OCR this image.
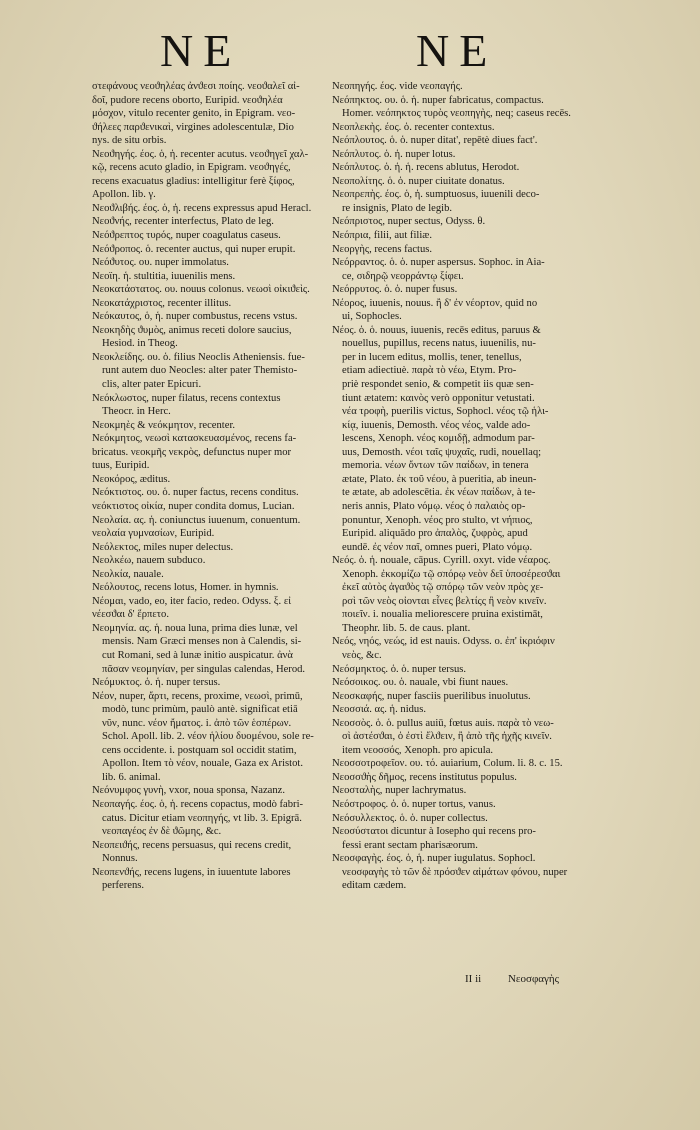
NE	NE
στεφάνους νεοϑηλέας ἀνϑεσι ποίης. νεοϑαλεῖ αἰ-
δοῖ, pudore recens oborto, Euripid. νεοϑηλέα
μόσχον, vitulo recenter genito, in Epigram. νεο-
ϑήλεες παρϑενικαὶ, virgines adolescentulæ, Dio
nys. de situ orbis.
Νεοϑηγής. έος. ὁ, ἡ. recenter acutus. νεοϑηγεῖ χαλ-
κῷ, recens acuto gladio, in Epigram. νεοϑηγές,
recens exacuatus gladius: intelligitur ferè ξίφος,
Apollon. lib. γ.
Νεοϑλιβής. έος. ὁ, ἡ. recens expressus apud Heracl.
Νεοϑνής, recenter interfectus, Plato de leg.
Νεόϑρεπτος τυρός, nuper coagulatus caseus.
Νεόϑροπος. ὁ. recenter auctus, qui nuper erupit.
Νεόϑυτος. ου. nuper immolatus.
Νεοϊη. ἡ. stultitia, iuuenilis mens.
Νεοκατάστατος. ου. nouus colonus. νεωσὶ οἰκιϑεὶς.
Νεοκατάχριστος, recenter illitus.
Νεόκαυτος, ὁ, ἡ. nuper combustus, recens vstus.
Νεοκηδὴς ϑυμὸς, animus receti dolore saucius,
Hesiod. in Theog.
Νεοκλείδης. ου. ὁ. filius Neoclis Atheniensis. fue-
runt autem duo Neocles: alter pater Themisto-
clis, alter pater Epicuri.
Νεόκλωστος, nuper filatus, recens contextus
Theocr. in Herc.
Νεοκμηὲς & νεόκμητον, recenter.
Νεόκμητος, νεωσὶ κατασκευασμένος, recens fa-
bricatus. νεοκμῆς νεκρὸς, defunctus nuper mor
tuus, Euripid.
Νεοκόρος, æditus.
Νεόκτιστος. ου. ὁ. nuper factus, recens conditus.
νεόκτιστος οἰκία, nuper condita domus, Lucian.
Νεολαία. ας. ἡ. coniunctus iuuenum, conuentum.
νεολαία γυμνασίων, Euripid.
Νεόλεκτος, miles nuper delectus.
Νεολκέω, nauem subduco.
Νεολκία, nauale.
Νεόλουτος, recens lotus, Homer. in hymnis.
Νέομαι, vado, eo, iter facio, redeo. Odyss. ξ. εἰ
νέεσϑαι δ' ἕρπετο.
Νεομηνία. ας. ἡ. noua luna, prima dies lunæ, vel
mensis. Nam Græci menses non à Calendis, si-
cut Romani, sed à lunæ initio auspicatur. ἀνὰ
πᾶσαν νεομηνίαν, per singulas calendas, Herod.
Νεόμυκτος. ὁ. ἡ. nuper tersus.
Νέον, nuper, ἄρτι, recens, proxime, νεωσὶ, primū,
modò, tunc primùm, paulò antè. significat etiā
νῦν, nunc. νέον ἤματος. i. ἀπὸ τῶν ἑσπέρων.
Schol. Apoll. lib. 2. νέον ἡλίου δυομένου, sole re-
cens occidente. i. postquam sol occidit statim,
Apollon. Item τὸ νέον, nouale, Gaza ex Aristot.
lib. 6. animal.
Νεόνυμφος γυνὴ, vxor, noua sponsa, Nazanz.
Νεοπαγής. έος. ὁ, ἡ. recens copactus, modò fabri-
catus. Dicitur etiam νεοπηγής, vt lib. 3. Epigrā.
νεοπαγέος ἐν δὲ ϑῶμης, &c.
Νεοπειϑής, recens persuasus, qui recens credit,
Nonnus.
Νεοπενϑής, recens lugens, in iuuentute labores
perferens.
Νεοπηγής. έος. vide νεοπαγής.
Νεόπηκτος. ου. ὁ. ἡ. nuper fabricatus, compactus.
Homer. νεόπηκτος τυρὸς νεοπηγὴς, neq; caseus recēs.
Νεοπλεκὴς. έος. ὁ. recenter contextus.
Νεόπλουτος. ὁ. ὁ. nuper ditat', repētè diues fact'.
Νεόπλυτος. ὁ. ἡ. nuper lotus.
Νεόπλυτος. ὁ. ἡ. ἡ. recens ablutus, Herodot.
Νεοπολίτης. ὁ. ὁ. nuper ciuitate donatus.
Νεοπρεπὴς. έος. ὁ, ἡ. sumptuosus, iuuenili deco-
re insignis, Plato de legib.
Νεόπριστος, nuper sectus, Odyss. θ.
Νεόπρια, filii, aut filiæ.
Νεοργὴς, recens factus.
Νεόρραντος. ὁ. ὁ. nuper aspersus. Sophoc. in Aia-
ce, σιδηρῷ νεορράντῳ ξίφει.
Νεόρρυτος. ὁ. ὁ. nuper fusus.
Νέορος, iuuenis, nouus. ἢ δ' ἐν νέορτον, quid no
ui, Sophocles.
Νέος. ὁ. ὁ. nouus, iuuenis, recēs editus, paruus &
nouellus, pupillus, recens natus, iuuenilis, nu-
per in lucem editus, mollis, tener, tenellus,
etiam adiectiuè. παρὰ τὸ νέω, Etym. Pro-
priè respondet senio, & competit iis quæ sen-
tiunt ætatem: καινὸς verò opponitur vetustati.
νέα τροφὴ, puerilis victus, Sophocl. νέος τῷ ἡλι-
κίᾳ, iuuenis, Demosth. νέος νέος, valde ado-
lescens, Xenoph. νέος κομιδῇ, admodum par-
uus, Demosth. νέοι ταῖς ψυχαῖς, rudi, nouellaq;
memoria. νέων ὄντων τῶν παίδων, in tenera
ætate, Plato. ἐκ τοῦ νέου, à pueritia, ab ineun-
te ætate, ab adolescētia. ἐκ νέων παίδων, à te-
neris annis, Plato νόμῳ. νέος ὁ παλαιὸς op-
ponuntur, Xenoph. νέος pro stulto, vt νήπιος,
Euripid. aliquādo pro ἀπαλὸς, ζυφρὸς, apud
eundē. ἐς νέον παῖ, omnes pueri, Plato νόμῳ.
Νεός. ὁ. ἡ. nouale, cāpus. Cyrill. oxyt. vide νέαρος.
Xenoph. ἐκκομίζω τῷ σπόρῳ νεὸν δεῖ ὑποσέρεσϑαι
ἐκεῖ αὐτὸς ἀγαϑὸς τῷ σπόρῳ τῶν νεὸν πρὸς χε-
ρσὶ τῶν νεὸς οἰονται εἶνες βελτίςς ἢ νεὸν κινεῖν.
ποιεῖν. i. noualia meliorescere pruina existimāt,
Theophr. lib. 5. de caus. plant.
Νεός, νηός, νεώς, id est nauis. Odyss. ο. ἐπ' ἰκριόφιν
νεὸς, &c.
Νεόσμηκτος. ὁ. ὁ. nuper tersus.
Νεόσοικος. ου. ὁ. nauale, vbi fiunt naues.
Νεοσκαφής, nuper fasciis puerilibus inuolutus.
Νεοσσιά. ας. ἡ. nidus.
Νεοσσὸς. ὁ. ὁ. pullus auiū, fœtus auis. παρὰ τὸ νεω-
σὶ ἀστέσϑαι, ὁ ἐστὶ ἔλϑειν, ἢ ἀπὸ τῆς ἠχῆς κινεῖν.
item νεοσσός, Xenoph. pro apicula.
Νεοσσοτροφεῖον. ου. τό. auiarium, Colum. li. 8. c. 15.
Νεοσσϑὴς δῆμος, recens institutus populus.
Νεοσταλὴς, nuper lachrymatus.
Νεόστροφος. ὁ. ὁ. nuper tortus, vanus.
Νεόσυλλεκτος. ὁ. ὁ. nuper collectus.
Νεοσύστατοι dicuntur à Iosepho qui recens pro-
fessi erant sectam pharisæorum.
Νεοσφαγὴς. έος. ὁ, ἡ. nuper iugulatus. Sophocl.
νεοσφαγὴς τὸ τῶν δὲ πρόσϑεν αἰμάτων φόνου, nuper
editam cædem.
II ii Νεοσφαγὴς
